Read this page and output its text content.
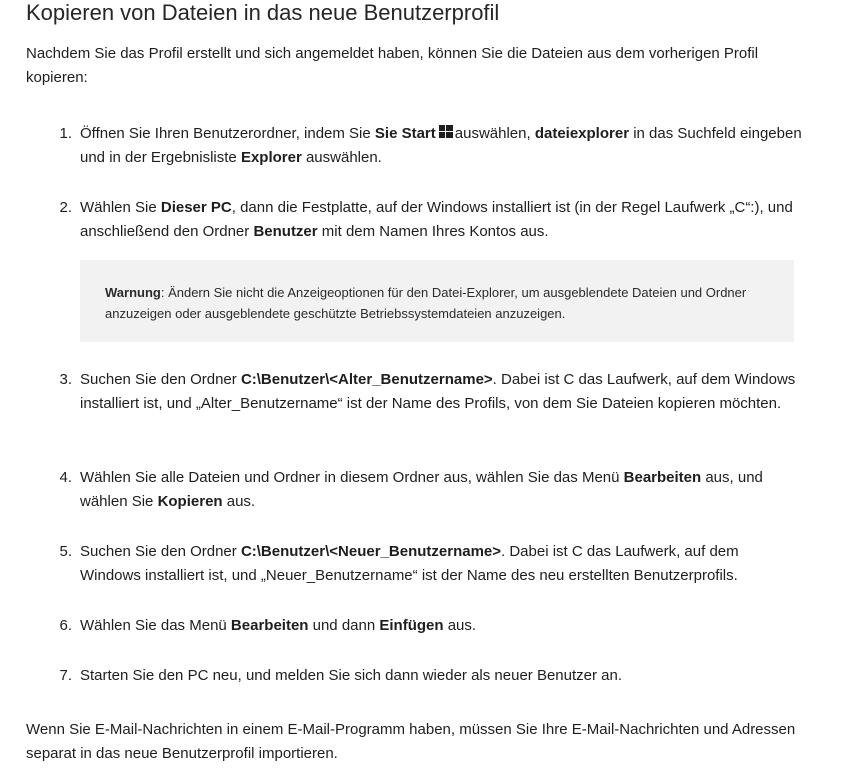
Kopieren von Dateien in das neue Benutzerprofil

Nachdem Sie das Profil erstellt und sich angemeldet haben, können Sie die Dateien aus dem vorherigen Profil kopieren:

1. Öffnen Sie Ihren Benutzerordner, indem Sie Sie Start auswählen, dateiexplorer in das Suchfeld eingeben und in der Ergebnisliste Explorer auswählen.
2. Wählen Sie Dieser PC, dann die Festplatte, auf der Windows installiert ist (in der Regel Laufwerk „C“:), und anschließend den Ordner Benutzer mit dem Namen Ihres Kontos aus.
3. Suchen Sie den Ordner C:\Benutzer\<Alter_Benutzername>. Dabei ist C das Laufwerk, auf dem Windows installiert ist, und „Alter_Benutzername“ ist der Name des Profils, von dem Sie Dateien kopieren möchten.
4. Wählen Sie alle Dateien und Ordner in diesem Ordner aus, wählen Sie das Menü Bearbeiten aus, und wählen Sie Kopieren aus.
5. Suchen Sie den Ordner C:\Benutzer\<Neuer_Benutzername>. Dabei ist C das Laufwerk, auf dem Windows installiert ist, und „Neuer_Benutzername“ ist der Name des neu erstellten Benutzerprofils.
6. Wählen Sie das Menü Bearbeiten und dann Einfügen aus.
7. Starten Sie den PC neu, und melden Sie sich dann wieder als neuer Benutzer an.
Warnung: Ändern Sie nicht die Anzeigeoptionen für den Datei-Explorer, um ausgeblendete Dateien und Ordner anzuzeigen oder ausgeblendete geschützte Betriebssystemdateien anzuzeigen.

Wenn Sie E-Mail-Nachrichten in einem E-Mail-Programm haben, müssen Sie Ihre E-Mail-Nachrichten und Adressen separat in das neue Benutzerprofil importieren.
